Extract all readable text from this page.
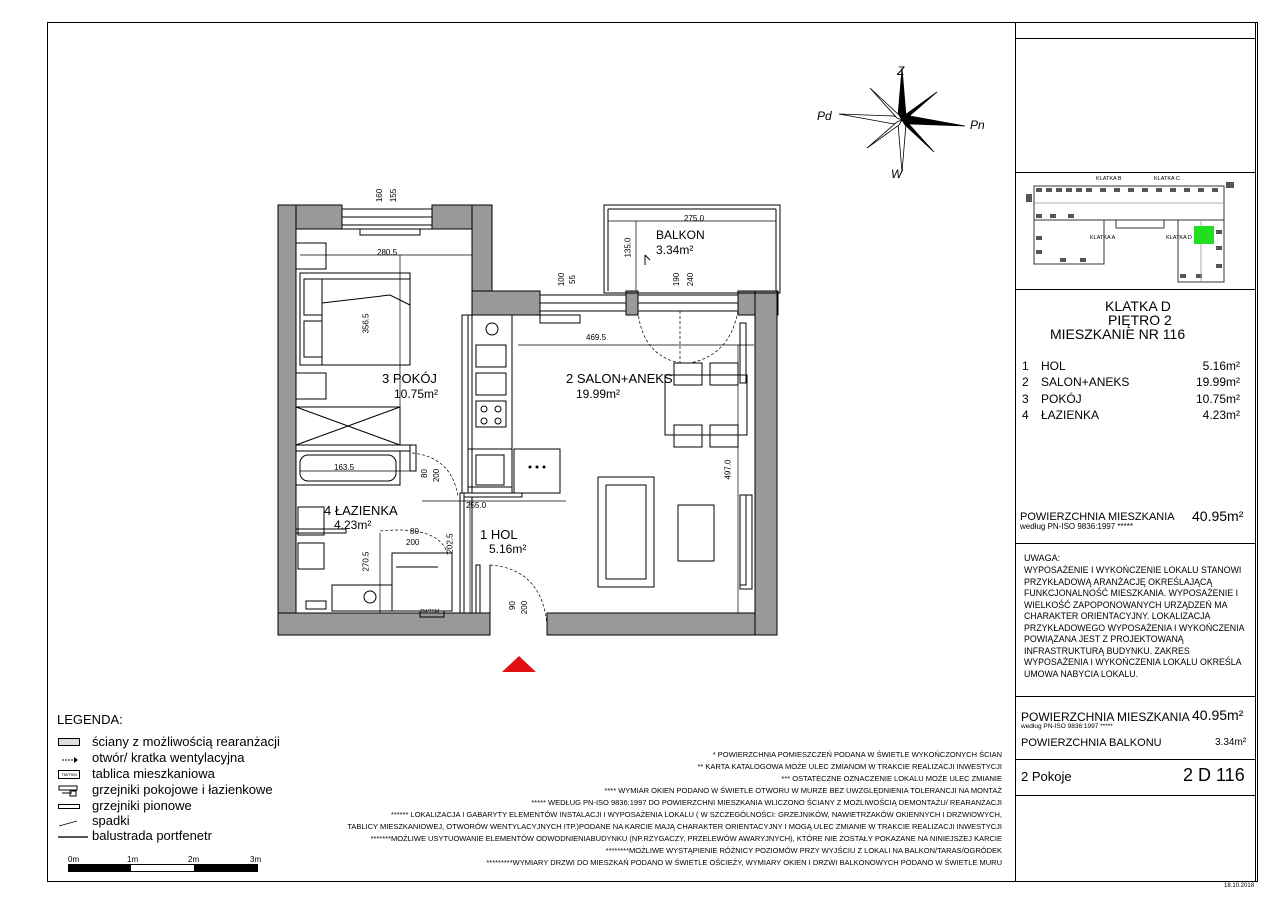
KLATKA B	KLATKA C
KLATKA A	KLATKA D
KLATKA D
PIĘTRO 2
MIESZKANIE NR 116
1 HOL	5.16m²
2 SALON+ANEKS	19.99m²
3 POKÓJ	10.75m²
4 ŁAZIENKA	4.23m²
POWIERZCHNIA MIESZKANIA
według PN-ISO 9836:1997 *****
40.95m²
UWAGA:
WYPOSAŻENIE I WYKOŃCZENIE LOKALU STANOWI PRZYKŁADOWĄ ARANŻACJĘ OKREŚLAJĄCĄ FUNKCJONALNOŚĆ MIESZKANIA. WYPOSAŻENIE I WIELKOŚĆ ZAPOPONOWANYCH URZĄDZEŃ MA CHARAKTER ORIENTACYJNY. LOKALIZACJA PRZYKŁADOWEGO WYPOSAŻENIA I WYKOŃCZENIA POWIĄZANA JEST Z PROJEKTOWANĄ INFRASTRUKTURĄ BUDYNKU. ZAKRES WYPOSAŻENIA I WYKOŃCZENIA LOKALU OKREŚLA UMOWA NABYCIA LOKALU.
POWIERZCHNIA MIESZKANIA
według PN-ISO 9836:1997 *****
40.95m²
POWIERZCHNIA BALKONU	3.34m²
2 Pokoje	2 D 116
18.10.2018
Z
W
Pn
Pd
275.0
135.0
280.5
356.5
469.5
497.0
163.5
255.0
202.5
270.5
160 155
100 55	190 240
80 200
80
200
90 200
TM/TSM
3 POKÓJ
10.75m²
2 SALON+ANEKS
19.99m²
4 ŁAZIENKA
4.23m²
1 HOL
5.16m²
BALKON
3.34m²
LEGENDA:
ściany z możliwością rearanżacji
otwór/ kratka wentylacyjna
TM/TSM tablica mieszkaniowa
grzejniki pokojowe i łazienkowe
grzejniki pionowe
spadki
balustrada portfenetr
0m	1m	2m	3m
* POWIERZCHNIA POMIESZCZEŃ PODANA W ŚWIETLE WYKOŃCZONYCH ŚCIAN
** KARTA KATALOGOWA MOŻE ULEC ZMIANOM W TRAKCIE REALIZACJI INWESTYCJI
*** OSTATECZNE OZNACZENIE LOKALU MOŻE ULEC ZMIANIE
**** WYMIAR OKIEN PODANO W ŚWIETLE OTWORU W MURZE BEZ UWZGLĘDNIENIA TOLERANCJI NA MONTAŻ
***** WEDŁUG PN-ISO 9836:1997 DO POWIERZCHNI MIESZKANIA WLICZONO ŚCIANY Z MOŻLIWOŚCIĄ DEMONTAŻU/ REARANŻACJI
****** LOKALIZACJA I GABARYTY ELEMENTÓW INSTALACJI I WYPOSAŻENIA LOKALU ( W SZCZEGÓLNOŚCI: GRZEJNIKÓW, NAWIETRZAKÓW OKIENNYCH I DRZWIOWYCH,
TABLICY MIESZKANIOWEJ, OTWORÓW WENTYLACYJNYCH ITP.)PODANE NA KARCIE MAJĄ CHARAKTER ORIENTACYJNY I MOGĄ ULEC ZMIANIE W TRAKCIE REALIZACJI INWESTYCJI
*******MOŻLIWE USYTUOWANIE ELEMENTÓW ODWODNIENIABUDYNKU (NP.RZYGACZY, PRZELEWÓW AWARYJNYCH), KTÓRE NIE ZOSTAŁY POKAZANE NA NINIEJSZEJ KARCIE
********MOŻLIWE WYSTĄPIENIE RÓŻNICY POZIOMÓW PRZY WYJŚCIU Z LOKALI NA BALKON/TARAS/OGRÓDEK
*********WYMIARY DRZWI DO MIESZKAŃ PODANO W ŚWIETLE OŚCIEŻY, WYMIARY OKIEN I DRZWI BALKONOWYCH PODANO W ŚWIETLE MURU
